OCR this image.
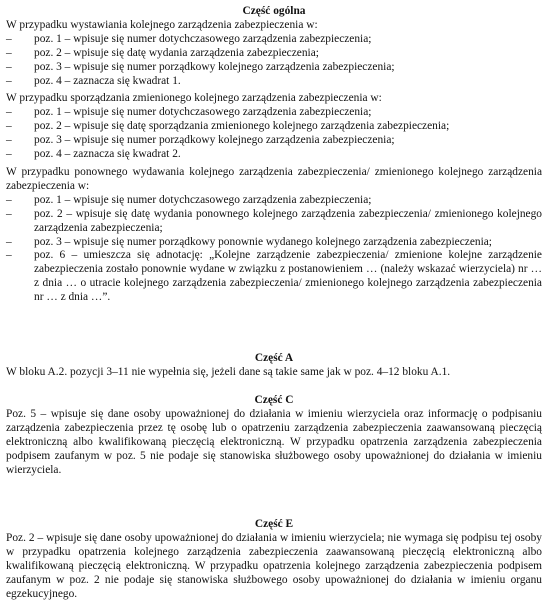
Część ogólna

W przypadku wystawiania kolejnego zarządzenia zabezpieczenia w:

– poz. 1 – wpisuje się numer dotychczasowego zarządzenia zabezpieczenia;
– poz. 2 – wpisuje się datę wydania zarządzenia zabezpieczenia;
– poz. 3 – wpisuje się numer porządkowy kolejnego zarządzenia zabezpieczenia;
– poz. 4 – zaznacza się kwadrat 1.

W przypadku sporządzania zmienionego kolejnego zarządzenia zabezpieczenia w:

– poz. 1 – wpisuje się numer dotychczasowego zarządzenia zabezpieczenia;
– poz. 2 – wpisuje się datę sporządzania zmienionego kolejnego zarządzenia zabezpieczenia;
– poz. 3 – wpisuje się numer porządkowy kolejnego zarządzenia zabezpieczenia;
– poz. 4 – zaznacza się kwadrat 2.

W przypadku ponownego wydawania kolejnego zarządzenia zabezpieczenia/ zmienionego kolejnego zarządzenia zabezpieczenia w:

– poz. 1 – wpisuje się numer dotychczasowego zarządzenia zabezpieczenia;
– poz. 2 – wpisuje się datę wydania ponownego kolejnego zarządzenia zabezpieczenia/ zmienionego kolejnego zarządzenia zabezpieczenia;
– poz. 3 – wpisuje się numer porządkowy ponownie wydanego kolejnego zarządzenia zabezpieczenia;
– poz. 6 – umieszcza się adnotację: „Kolejne zarządzenie zabezpieczenia/ zmienione kolejne zarządzenie zabezpieczenia zostało ponownie wydane w związku z postanowieniem … (należy wskazać wierzyciela) nr … z dnia … o utracie kolejnego zarządzenia zabezpieczenia/ zmienionego kolejnego zarządzenia zabezpieczenia nr … z dnia …”.

Część A

W bloku A.2. pozycji 3–11 nie wypełnia się, jeżeli dane są takie same jak w poz. 4–12 bloku A.1.

Część C

Poz. 5 – wpisuje się dane osoby upoważnionej do działania w imieniu wierzyciela oraz informację o podpisaniu zarządzenia zabezpieczenia przez tę osobę lub o opatrzeniu zarządzenia zabezpieczenia zaawansowaną pieczęcią elektroniczną albo kwalifikowaną pieczęcią elektroniczną. W przypadku opatrzenia zarządzenia zabezpieczenia podpisem zaufanym w poz. 5 nie podaje się stanowiska służbowego osoby upoważnionej do działania w imieniu wierzyciela.

Część E

Poz. 2 – wpisuje się dane osoby upoważnionej do działania w imieniu wierzyciela; nie wymaga się podpisu tej osoby w przypadku opatrzenia kolejnego zarządzenia zabezpieczenia zaawansowaną pieczęcią elektroniczną albo kwalifikowaną pieczęcią elektroniczną. W przypadku opatrzenia kolejnego zarządzenia zabezpieczenia podpisem zaufanym w poz. 2 nie podaje się stanowiska służbowego osoby upoważnionej do działania w imieniu organu egzekucyjnego.
